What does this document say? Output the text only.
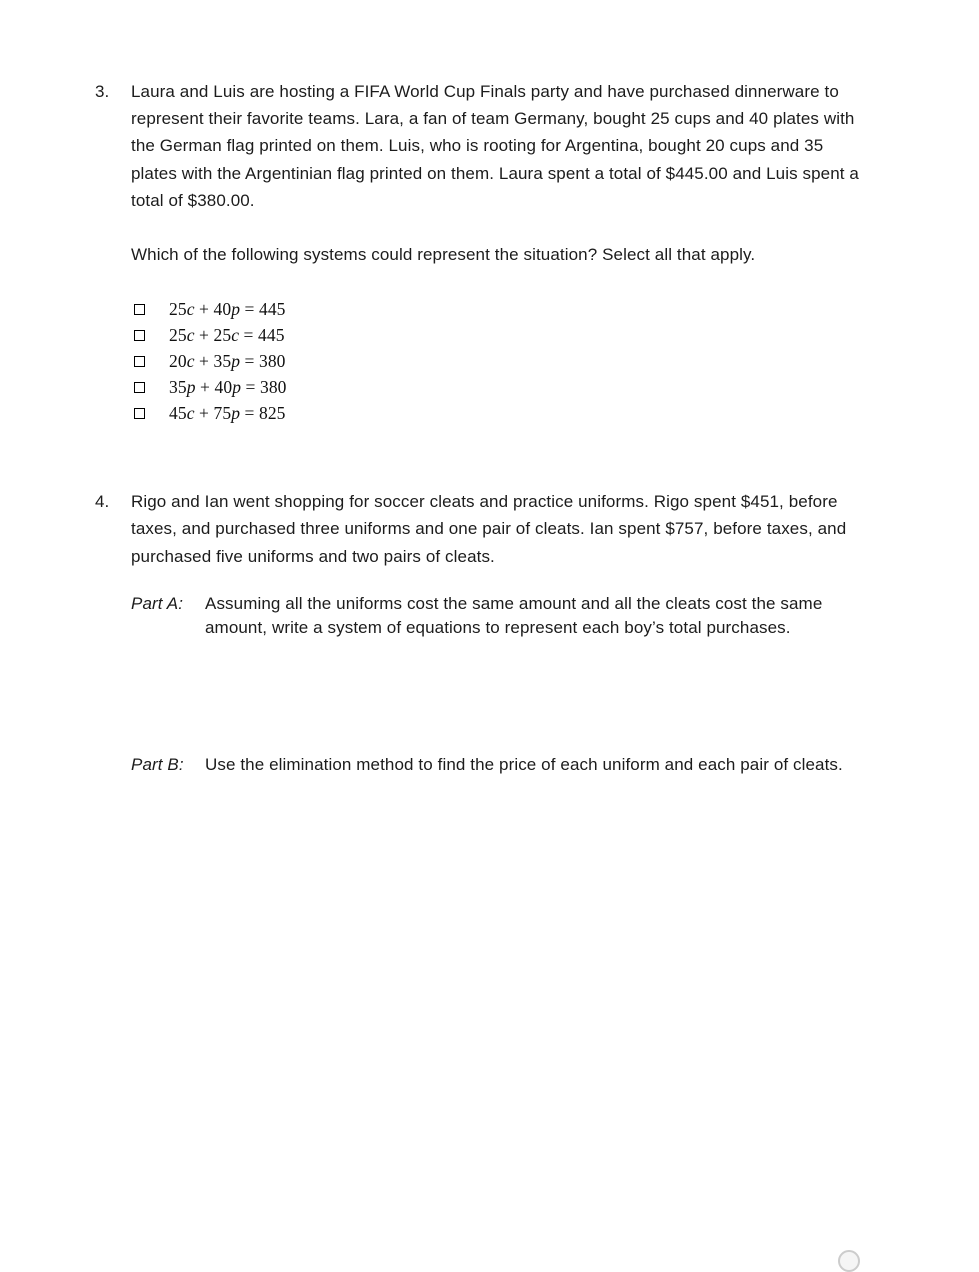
3.	Laura and Luis are hosting a FIFA World Cup Finals party and have purchased dinnerware to represent their favorite teams. Lara, a fan of team Germany, bought 25 cups and 40 plates with the German flag printed on them. Luis, who is rooting for Argentina, bought 20 cups and 35 plates with the Argentinian flag printed on them. Laura spent a total of $445.00 and Luis spent a total of $380.00.

Which of the following systems could represent the situation? Select all that apply.

25c + 40p = 445
25c + 25c = 445
20c + 35p = 380
35p + 40p = 380
45c + 75p = 825
4.	Rigo and Ian went shopping for soccer cleats and practice uniforms. Rigo spent $451, before taxes, and purchased three uniforms and one pair of cleats. Ian spent $757, before taxes, and purchased five uniforms and two pairs of cleats.

Part A:	Assuming all the uniforms cost the same amount and all the cleats cost the same amount, write a system of equations to represent each boy’s total purchases.
Part B:	Use the elimination method to find the price of each uniform and each pair of cleats.
